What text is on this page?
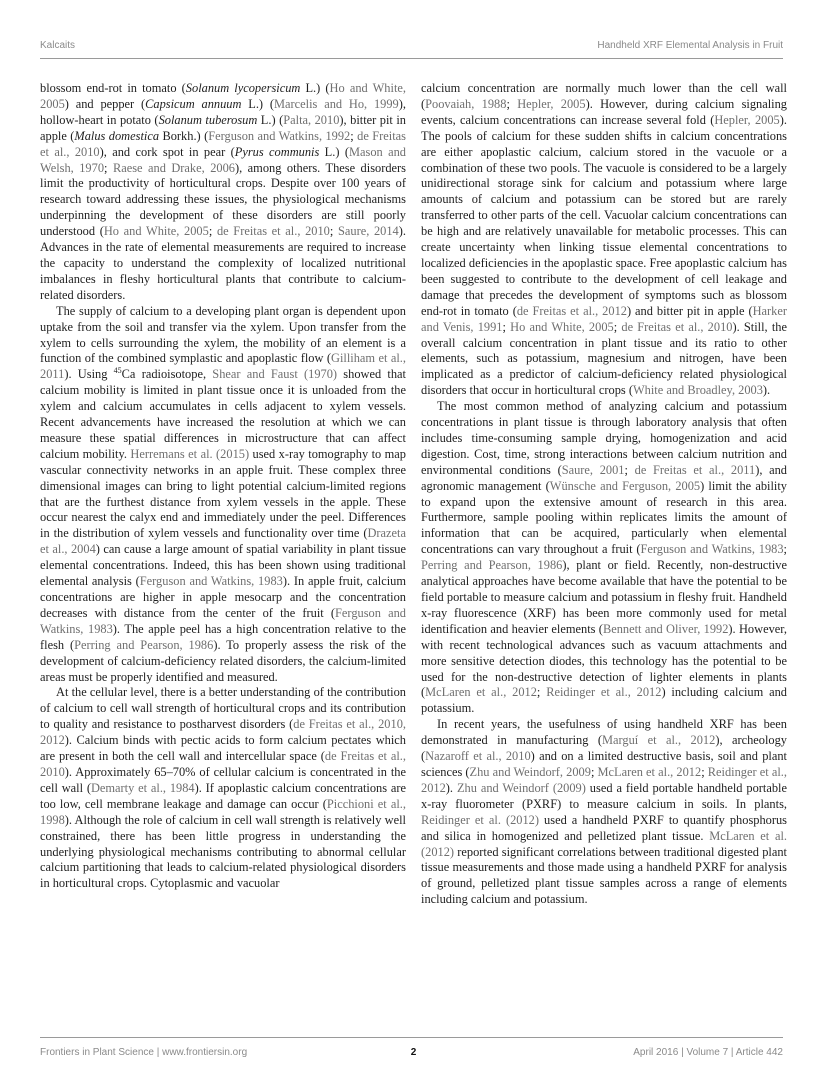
Kalcaits	Handheld XRF Elemental Analysis in Fruit

blossom end-rot in tomato (Solanum lycopersicum L.) (Ho and White, 2005) and pepper (Capsicum annuum L.) (Marcelis and Ho, 1999), hollow-heart in potato (Solanum tuberosum L.) (Palta, 2010), bitter pit in apple (Malus domestica Borkh.) (Ferguson and Watkins, 1992; de Freitas et al., 2010), and cork spot in pear (Pyrus communis L.) (Mason and Welsh, 1970; Raese and Drake, 2006), among others. These disorders limit the productivity of horticultural crops. Despite over 100 years of research toward addressing these issues, the physiological mechanisms underpinning the development of these disorders are still poorly understood (Ho and White, 2005; de Freitas et al., 2010; Saure, 2014). Advances in the rate of elemental measurements are required to increase the capacity to understand the complexity of localized nutritional imbalances in fleshy horticultural plants that contribute to calcium-related disorders.

The supply of calcium to a developing plant organ is dependent upon uptake from the soil and transfer via the xylem. Upon transfer from the xylem to cells surrounding the xylem, the mobility of an element is a function of the combined symplastic and apoplastic flow (Gilliham et al., 2011). Using $^{45}$Ca radioisotope, Shear and Faust (1970) showed that calcium mobility is limited in plant tissue once it is unloaded from the xylem and calcium accumulates in cells adjacent to xylem vessels. Recent advancements have increased the resolution at which we can measure these spatial differences in microstructure that can affect calcium mobility. Herremans et al. (2015) used x-ray tomography to map vascular connectivity networks in an apple fruit. These complex three dimensional images can bring to light potential calcium-limited regions that are the furthest distance from xylem vessels in the apple. These occur nearest the calyx end and immediately under the peel. Differences in the distribution of xylem vessels and functionality over time (Drazeta et al., 2004) can cause a large amount of spatial variability in plant tissue elemental concentrations. Indeed, this has been shown using traditional elemental analysis (Ferguson and Watkins, 1983). In apple fruit, calcium concentrations are higher in apple mesocarp and the concentration decreases with distance from the center of the fruit (Ferguson and Watkins, 1983). The apple peel has a high concentration relative to the flesh (Perring and Pearson, 1986). To properly assess the risk of the development of calcium-deficiency related disorders, the calcium-limited areas must be properly identified and measured.

At the cellular level, there is a better understanding of the contribution of calcium to cell wall strength of horticultural crops and its contribution to quality and resistance to postharvest disorders (de Freitas et al., 2010, 2012). Calcium binds with pectic acids to form calcium pectates which are present in both the cell wall and intercellular space (de Freitas et al., 2010). Approximately 65–70% of cellular calcium is concentrated in the cell wall (Demarty et al., 1984). If apoplastic calcium concentrations are too low, cell membrane leakage and damage can occur (Picchioni et al., 1998). Although the role of calcium in cell wall strength is relatively well constrained, there has been little progress in understanding the underlying physiological mechanisms contributing to abnormal cellular calcium partitioning that leads to calcium-related physiological disorders in horticultural crops. Cytoplasmic and vacuolar

calcium concentration are normally much lower than the cell wall (Poovaiah, 1988; Hepler, 2005). However, during calcium signaling events, calcium concentrations can increase several fold (Hepler, 2005). The pools of calcium for these sudden shifts in calcium concentrations are either apoplastic calcium, calcium stored in the vacuole or a combination of these two pools. The vacuole is considered to be a largely unidirectional storage sink for calcium and potassium where large amounts of calcium and potassium can be stored but are rarely transferred to other parts of the cell. Vacuolar calcium concentrations can be high and are relatively unavailable for metabolic processes. This can create uncertainty when linking tissue elemental concentrations to localized deficiencies in the apoplastic space. Free apoplastic calcium has been suggested to contribute to the development of cell leakage and damage that precedes the development of symptoms such as blossom end-rot in tomato (de Freitas et al., 2012) and bitter pit in apple (Harker and Venis, 1991; Ho and White, 2005; de Freitas et al., 2010). Still, the overall calcium concentration in plant tissue and its ratio to other elements, such as potassium, magnesium and nitrogen, have been implicated as a predictor of calcium-deficiency related physiological disorders that occur in horticultural crops (White and Broadley, 2003).

The most common method of analyzing calcium and potassium concentrations in plant tissue is through laboratory analysis that often includes time-consuming sample drying, homogenization and acid digestion. Cost, time, strong interactions between calcium nutrition and environmental conditions (Saure, 2001; de Freitas et al., 2011), and agronomic management (Wünsche and Ferguson, 2005) limit the ability to expand upon the extensive amount of research in this area. Furthermore, sample pooling within replicates limits the amount of information that can be acquired, particularly when elemental concentrations can vary throughout a fruit (Ferguson and Watkins, 1983; Perring and Pearson, 1986), plant or field. Recently, non-destructive analytical approaches have become available that have the potential to be field portable to measure calcium and potassium in fleshy fruit. Handheld x-ray fluorescence (XRF) has been more commonly used for metal identification and heavier elements (Bennett and Oliver, 1992). However, with recent technological advances such as vacuum attachments and more sensitive detection diodes, this technology has the potential to be used for the non-destructive detection of lighter elements in plants (McLaren et al., 2012; Reidinger et al., 2012) including calcium and potassium.

In recent years, the usefulness of using handheld XRF has been demonstrated in manufacturing (Marguí et al., 2012), archeology (Nazaroff et al., 2010) and on a limited destructive basis, soil and plant sciences (Zhu and Weindorf, 2009; McLaren et al., 2012; Reidinger et al., 2012). Zhu and Weindorf (2009) used a field portable handheld portable x-ray fluorometer (PXRF) to measure calcium in soils. In plants, Reidinger et al. (2012) used a handheld PXRF to quantify phosphorus and silica in homogenized and pelletized plant tissue. McLaren et al. (2012) reported significant correlations between traditional digested plant tissue measurements and those made using a handheld PXRF for analysis of ground, pelletized plant tissue samples across a range of elements including calcium and potassium.

Frontiers in Plant Science | www.frontiersin.org	2	April 2016 | Volume 7 | Article 442
